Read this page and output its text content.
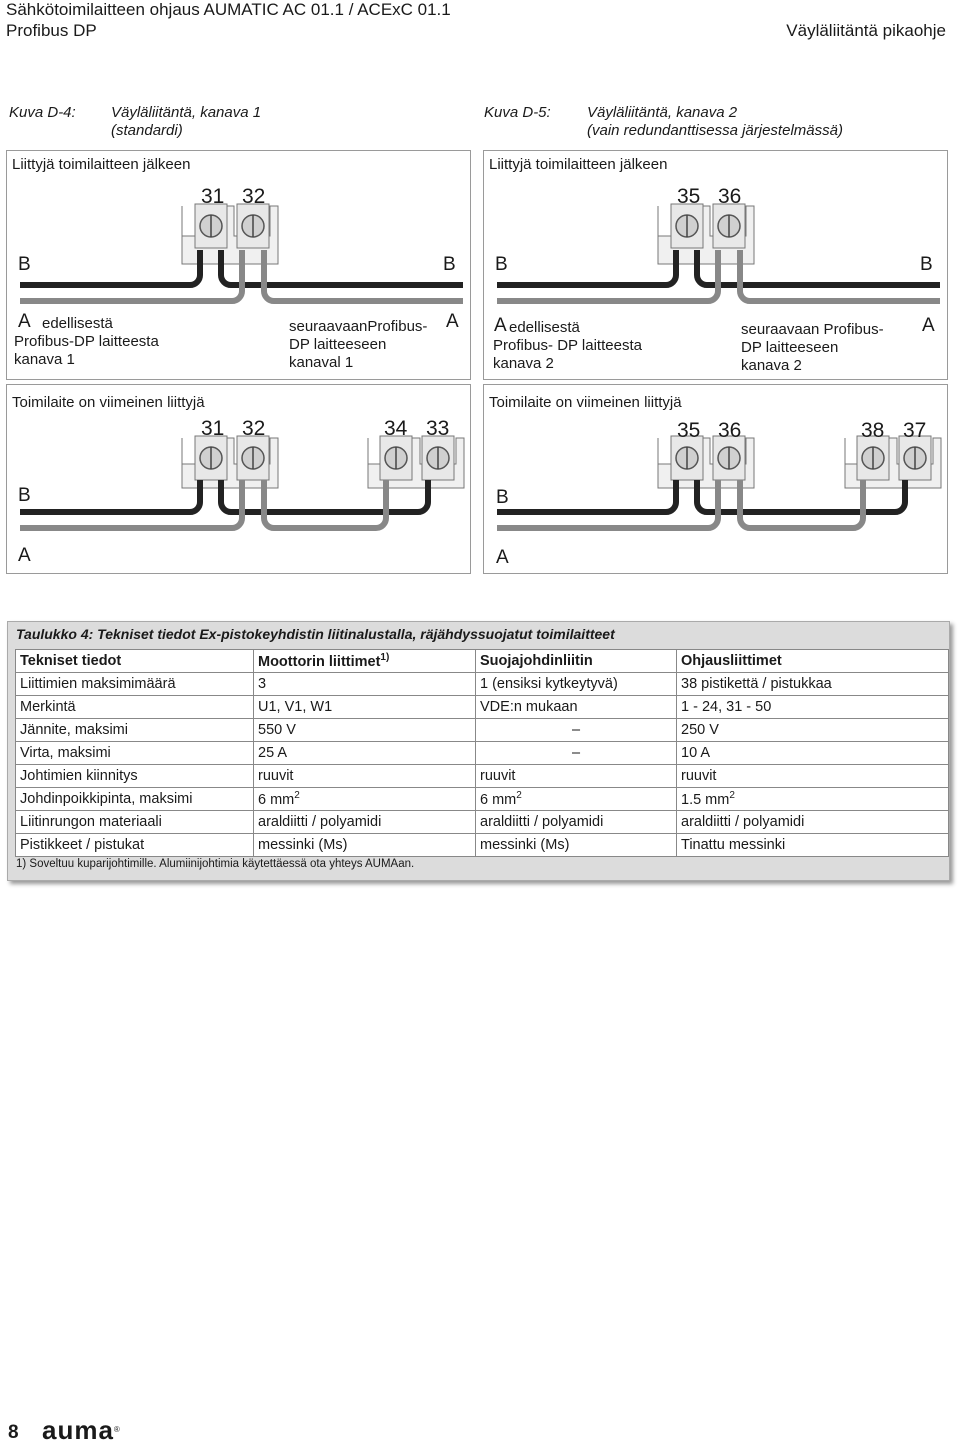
Sähkötoimilaitteen ohjaus AUMATIC AC 01.1 / ACExC 01.1
Profibus DP	Väyläliitäntä pikaohje
Kuva D-4: Väyläliitäntä, kanava 1
(standardi)
Kuva D-5: Väyläliitäntä, kanava 2
(vain redundanttisessa järjestelmässä)
Liittyjä toimilaitteen jälkeen
31 32
B	B
A edellisestä
Profibus-DP laitteesta
kanava 1
seuraavaanProfibus-
DP laitteeseen
kanaval 1
A
Toimilaite on viimeinen liittyjä
31 32	34 33
B
A
Liittyjä toimilaitteen jälkeen
35 36
B	B
A edellisestä
Profibus- DP laitteesta
kanava 2
seuraavaan Profibus-
DP laitteeseen
kanava 2
A
Toimilaite on viimeinen liittyjä
35 36	38 37
B
A
Taulukko 4: Tekniset tiedot Ex-pistokeyhdistin liitinalustalla, räjähdyssuojatut toimilaitteet
Tekniset tiedot	Moottorin liittimet$^{1)}$	Suojajohdinliitin	Ohjausliittimet
Liittimien maksimimäärä	3	1 (ensiksi kytkeytyvä)	38 pistikettä / pistukkaa
Merkintä	U1, V1, W1	VDE:n mukaan	1 - 24, 31 - 50
Jännite, maksimi	550 V	–	250 V
Virta, maksimi	25 A	–	10 A
Johtimien kiinnitys	ruuvit	ruuvit	ruuvit
Johdinpoikkipinta, maksimi	6 $mm^2$	6 $mm^2$	1.5 $mm^2$
Liitinrungon materiaali	araldiitti / polyamidi	araldiitti / polyamidi	araldiitti / polyamidi
Pistikkeet / pistukat	messinki (Ms)	messinki (Ms)	Tinattu messinki
1) Soveltuu kuparijohtimille. Alumiinijohtimia käytettäessä ota yhteys AUMAan.
8 auma®
